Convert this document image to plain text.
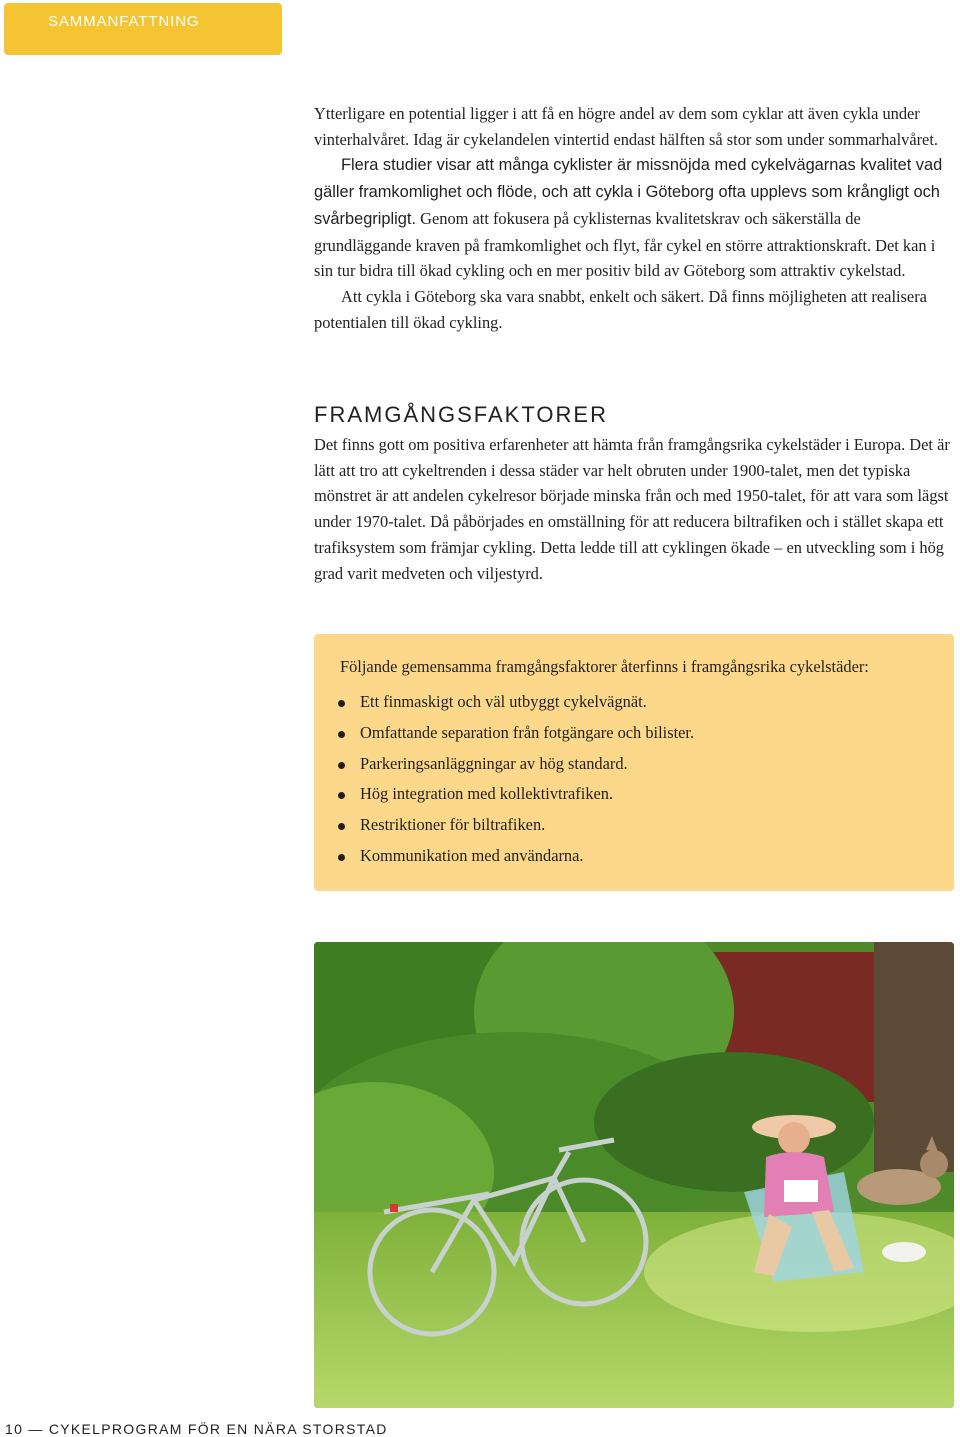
SAMMANFATTNING

Ytterligare en potential ligger i att få en högre andel av dem som cyklar att även cykla under vinterhalvåret. Idag är cykelandelen vintertid endast hälften så stor som under sommarhalvåret.

Flera studier visar att många cyklister är missnöjda med cykelvägarnas kvalitet vad gäller framkomlighet och flöde, och att cykla i Göteborg ofta upplevs som krångligt och svårbegripligt. Genom att fokusera på cyklisternas kvalitetskrav och säkerställa de grundläggande kraven på framkomlighet och flyt, får cykel en större attraktionskraft. Det kan i sin tur bidra till ökad cykling och en mer positiv bild av Göteborg som attraktiv cykelstad.

Att cykla i Göteborg ska vara snabbt, enkelt och säkert. Då finns möjligheten att realisera potentialen till ökad cykling.

FRAMGÅNGSFAKTORER

Det finns gott om positiva erfarenheter att hämta från framgångsrika cykelstäder i Europa. Det är lätt att tro att cykeltrenden i dessa städer var helt obruten under 1900-talet, men det typiska mönstret är att andelen cykelresor började minska från och med 1950-talet, för att vara som lägst under 1970-talet. Då påbörjades en omställning för att reducera biltrafiken och i stället skapa ett trafiksystem som främjar cykling. Detta ledde till att cyklingen ökade – en utveckling som i hög grad varit medveten och viljestyrd.

Följande gemensamma framgångsfaktorer återfinns i framgångsrika cykelstäder:

Ett finmaskigt och väl utbyggt cykelvägnät.
Omfattande separation från fotgängare och bilister.
Parkeringsanläggningar av hög standard.
Hög integration med kollektivtrafiken.
Restriktioner för biltrafiken.
Kommunikation med användarna.
10 — CYKELPROGRAM FÖR EN NÄRA STORSTAD
